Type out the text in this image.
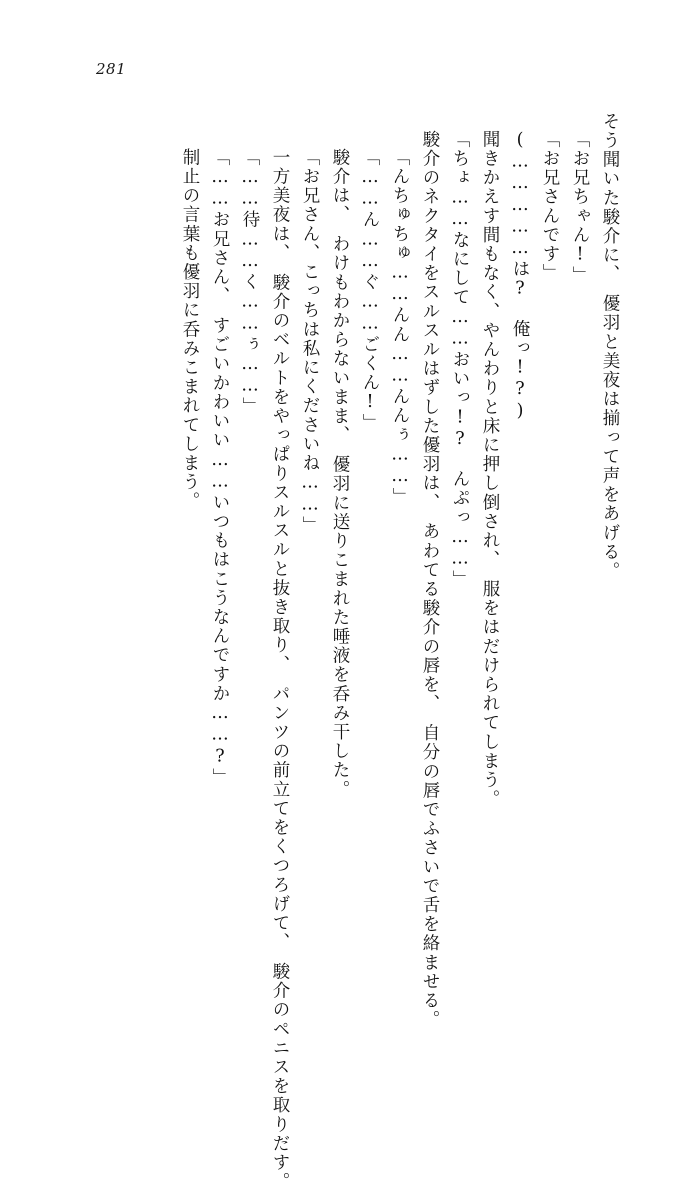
281
そう聞いた駿介に、　優羽と美夜は揃って声をあげる。
「お兄ちゃん!」
「お兄さんです」
(……………は?　俺っ!?)
聞きかえす間もなく、やんわりと床に押し倒され、　服をはだけられてしまう。
「ちょ……なにして……おいっ!?　んぷっ……」
駿介のネクタイをスルスルはずした優羽は、　あわてる駿介の唇を、　自分の唇でふさいで舌を絡ませる。
「んちゅちゅ……んん……んんぅ……」
「……ん……ぐ……ごくん!」
駿介は、　わけもわからないまま、　優羽に送りこまれた唾液を呑み干した。
「お兄さん、こっちは私にくださいね……」
一方美夜は、　駿介のベルトをやっぱりスルスルと抜き取り、　パンツの前立てをくつろげて、　駿介のペニスを取りだす。
「……待……く……ぅ……」
「……お兄さん、　すごいかわいい……いつもはこうなんですか……?」
制止の言葉も優羽に呑みこまれてしまう。
